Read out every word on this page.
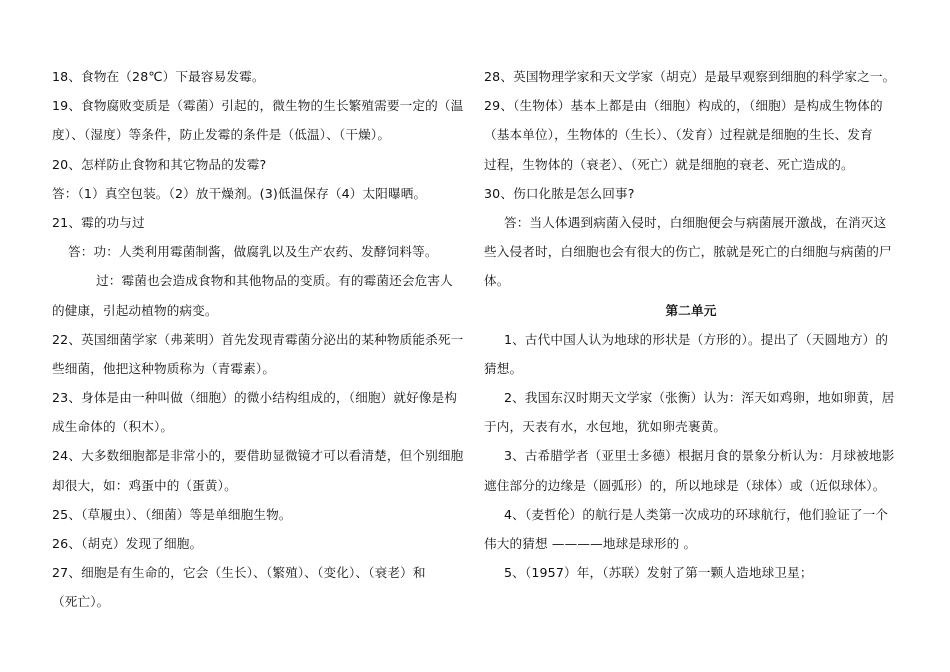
18、食物在（28℃）下最容易发霉。
19、食物腐败变质是（霉菌）引起的，微生物的生长繁殖需要一定的（温
度）、（湿度）等条件，防止发霉的条件是（低温）、（干燥）。
20、怎样防止食物和其它物品的发霉?
答：（1）真空包装。（2）放干燥剂。(3)低温保存（4）太阳曝晒。
21、霉的功与过
答：功：人类利用霉菌制酱，做腐乳以及生产农药、发酵饲料等。
过：霉菌也会造成食物和其他物品的变质。有的霉菌还会危害人
的健康，引起动植物的病变。
22、英国细菌学家（弗莱明）首先发现青霉菌分泌出的某种物质能杀死一
些细菌，他把这种物质称为（青霉素）。
23、身体是由一种叫做（细胞）的微小结构组成的，（细胞）就好像是构
成生命体的（积木）。
24、大多数细胞都是非常小的，要借助显微镜才可以看清楚，但个别细胞
却很大，如：鸡蛋中的（蛋黄）。
25、（草履虫）、（细菌）等是单细胞生物。
26、（胡克）发现了细胞。
27、细胞是有生命的，它会（生长）、（繁殖）、（变化）、（衰老）和
（死亡）。
28、英国物理学家和天文学家（胡克）是最早观察到细胞的科学家之一。
29、（生物体）基本上都是由（细胞）构成的，（细胞）是构成生物体的
（基本单位），生物体的（生长）、（发育）过程就是细胞的生长、发育
过程，生物体的（衰老）、（死亡）就是细胞的衰老、死亡造成的。
30、伤口化脓是怎么回事?
答：当人体遇到病菌入侵时，白细胞便会与病菌展开激战，在消灭这
些入侵者时，白细胞也会有很大的伤亡，脓就是死亡的白细胞与病菌的尸
体。
第二单元
1、古代中国人认为地球的形状是（方形的）。提出了（天圆地方）的
猜想。
2、我国东汉时期天文学家（张衡）认为：浑天如鸡卵，地如卵黄，居
于内，天表有水，水包地，犹如卵壳裹黄。
3、古希腊学者（亚里士多德）根据月食的景象分析认为：月球被地影
遮住部分的边缘是（圆弧形）的，所以地球是（球体）或（近似球体）。
4、（麦哲伦）的航行是人类第一次成功的环球航行，他们验证了一个
伟大的猜想 ————地球是球形的 。
5、（1957）年，（苏联）发射了第一颗人造地球卫星；
